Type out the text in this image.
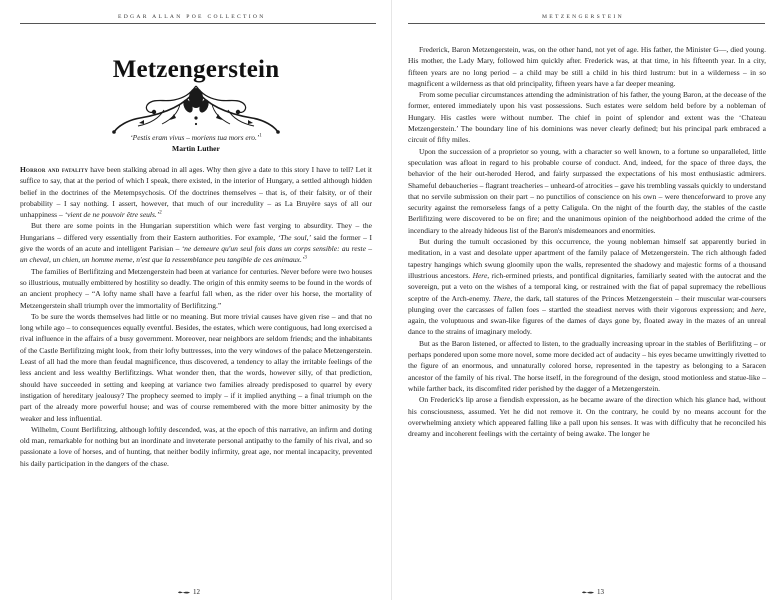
EDGAR ALLAN POE COLLECTION
Metzengerstein
‘Pestis eram vivus – moriens tua mors ero.’$^1$
Martin Luther

Horror and fatality have been stalking abroad in all ages. Why then give a date to this story I have to tell? Let it suffice to say, that at the period of which I speak, there existed, in the interior of Hungary, a settled although hidden belief in the doctrines of the Metempsychosis. Of the doctrines themselves – that is, of their falsity, or of their probability – I say nothing. I assert, however, that much of our incredulity – as La Bruyère says of all our unhappiness – ‘vient de ne pouvoir être seuls.’$^2$

But there are some points in the Hungarian superstition which were fast verging to absurdity. They – the Hungarians – differed very essentially from their Eastern authorities. For example, ‘The soul,’ said the former – I give the words of an acute and intelligent Parisian – ‘ne demeure qu'un seul fois dans un corps sensible: au reste – un cheval, un chien, un homme meme, n'est que la ressemblance peu tangible de ces animaux.’$^3$

The families of Berlifitzing and Metzengerstein had been at variance for centuries. Never before were two houses so illustrious, mutually embittered by hostility so deadly. The origin of this enmity seems to be found in the words of an ancient prophecy – “A lofty name shall have a fearful fall when, as the rider over his horse, the mortality of Metzengerstein shall triumph over the immortality of Berlifitzing.”

To be sure the words themselves had little or no meaning. But more trivial causes have given rise – and that no long while ago – to consequences equally eventful. Besides, the estates, which were contiguous, had long exercised a rival influence in the affairs of a busy government. Moreover, near neighbors are seldom friends; and the inhabitants of the Castle Berlifitzing might look, from their lofty buttresses, into the very windows of the palace Metzengerstein. Least of all had the more than feudal magnificence, thus discovered, a tendency to allay the irritable feelings of the less ancient and less wealthy Berlifitzings. What wonder then, that the words, however silly, of that prediction, should have succeeded in setting and keeping at variance two families already predisposed to quarrel by every instigation of hereditary jealousy? The prophecy seemed to imply – if it implied anything – a final triumph on the part of the already more powerful house; and was of course remembered with the more bitter animosity by the weaker and less influential.

Wilhelm, Count Berlifitzing, although loftily descended, was, at the epoch of this narrative, an infirm and doting old man, remarkable for nothing but an inordinate and inveterate personal antipathy to the family of his rival, and so passionate a love of horses, and of hunting, that neither bodily infirmity, great age, nor mental incapacity, prevented his daily participation in the dangers of the chase.

12
METZENGERSTEIN

Frederick, Baron Metzengerstein, was, on the other hand, not yet of age. His father, the Minister G—, died young. His mother, the Lady Mary, followed him quickly after. Frederick was, at that time, in his fifteenth year. In a city, fifteen years are no long period – a child may be still a child in his third lustrum: but in a wilderness – in so magnificent a wilderness as that old principality, fifteen years have a far deeper meaning.

From some peculiar circumstances attending the administration of his father, the young Baron, at the decease of the former, entered immediately upon his vast possessions. Such estates were seldom held before by a nobleman of Hungary. His castles were without number. The chief in point of splendor and extent was the ‘Chateau Metzengerstein.’ The boundary line of his dominions was never clearly defined; but his principal park embraced a circuit of fifty miles.

Upon the succession of a proprietor so young, with a character so well known, to a fortune so unparalleled, little speculation was afloat in regard to his probable course of conduct. And, indeed, for the space of three days, the behavior of the heir out-heroded Herod, and fairly surpassed the expectations of his most enthusiastic admirers. Shameful debaucheries – flagrant treacheries – unheard-of atrocities – gave his trembling vassals quickly to understand that no servile submission on their part – no punctilios of conscience on his own – were thenceforward to prove any security against the remorseless fangs of a petty Caligula. On the night of the fourth day, the stables of the castle Berlifitzing were discovered to be on fire; and the unanimous opinion of the neighborhood added the crime of the incendiary to the already hideous list of the Baron's misdemeanors and enormities.

But during the tumult occasioned by this occurrence, the young nobleman himself sat apparently buried in meditation, in a vast and desolate upper apartment of the family palace of Metzengerstein. The rich although faded tapestry hangings which swung gloomily upon the walls, represented the shadowy and majestic forms of a thousand illustrious ancestors. Here, rich-ermined priests, and pontifical dignitaries, familiarly seated with the autocrat and the sovereign, put a veto on the wishes of a temporal king, or restrained with the fiat of papal supremacy the rebellious sceptre of the Arch-enemy. There, the dark, tall statures of the Princes Metzengerstein – their muscular war-coursers plunging over the carcasses of fallen foes – startled the steadiest nerves with their vigorous expression; and here, again, the voluptuous and swan-like figures of the dames of days gone by, floated away in the mazes of an unreal dance to the strains of imaginary melody.

But as the Baron listened, or affected to listen, to the gradually increasing uproar in the stables of Berlifitzing – or perhaps pondered upon some more novel, some more decided act of audacity – his eyes became unwittingly rivetted to the figure of an enormous, and unnaturally colored horse, represented in the tapestry as belonging to a Saracen ancestor of the family of his rival. The horse itself, in the foreground of the design, stood motionless and statue-like – while farther back, its discomfited rider perished by the dagger of a Metzengerstein.

On Frederick's lip arose a fiendish expression, as he became aware of the direction which his glance had, without his consciousness, assumed. Yet he did not remove it. On the contrary, he could by no means account for the overwhelming anxiety which appeared falling like a pall upon his senses. It was with difficulty that he reconciled his dreamy and incoherent feelings with the certainty of being awake. The longer he

13
